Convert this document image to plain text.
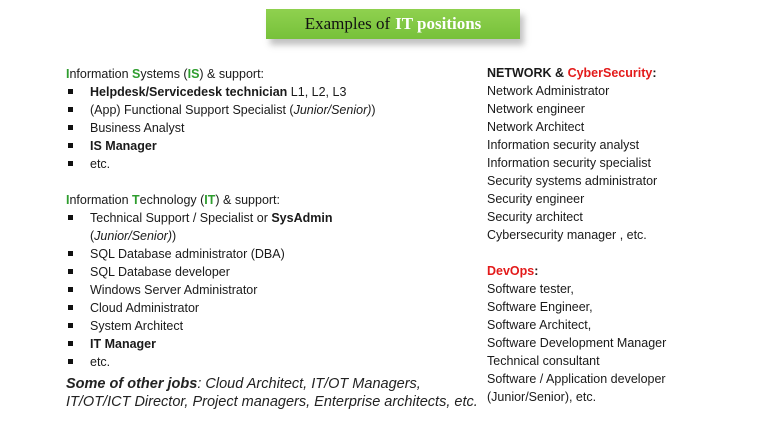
Examples of IT positions

Information Systems (IS) & support:

Helpdesk/Servicedesk technician L1, L2, L3
(App) Functional Support Specialist (Junior/Senior))
Business Analyst
IS Manager
etc.

Information Technology (IT) & support:

Technical Support / Specialist or SysAdmin
(Junior/Senior))
SQL Database administrator (DBA)
SQL Database developer
Windows Server Administrator
Cloud Administrator
System Architect
IT Manager
etc.
Some of other jobs: Cloud Architect, IT/OT Managers,
IT/OT/ICT Director, Project managers, Enterprise architects, etc.
NETWORK & CyberSecurity:
Network Administrator
Network engineer
Network Architect
Information security analyst
Information security specialist
Security systems administrator
Security engineer
Security architect
Cybersecurity manager , etc.
DevOps:
Software tester,
Software Engineer,
Software Architect,
Software Development Manager
Technical consultant
Software / Application developer
(Junior/Senior), etc.
